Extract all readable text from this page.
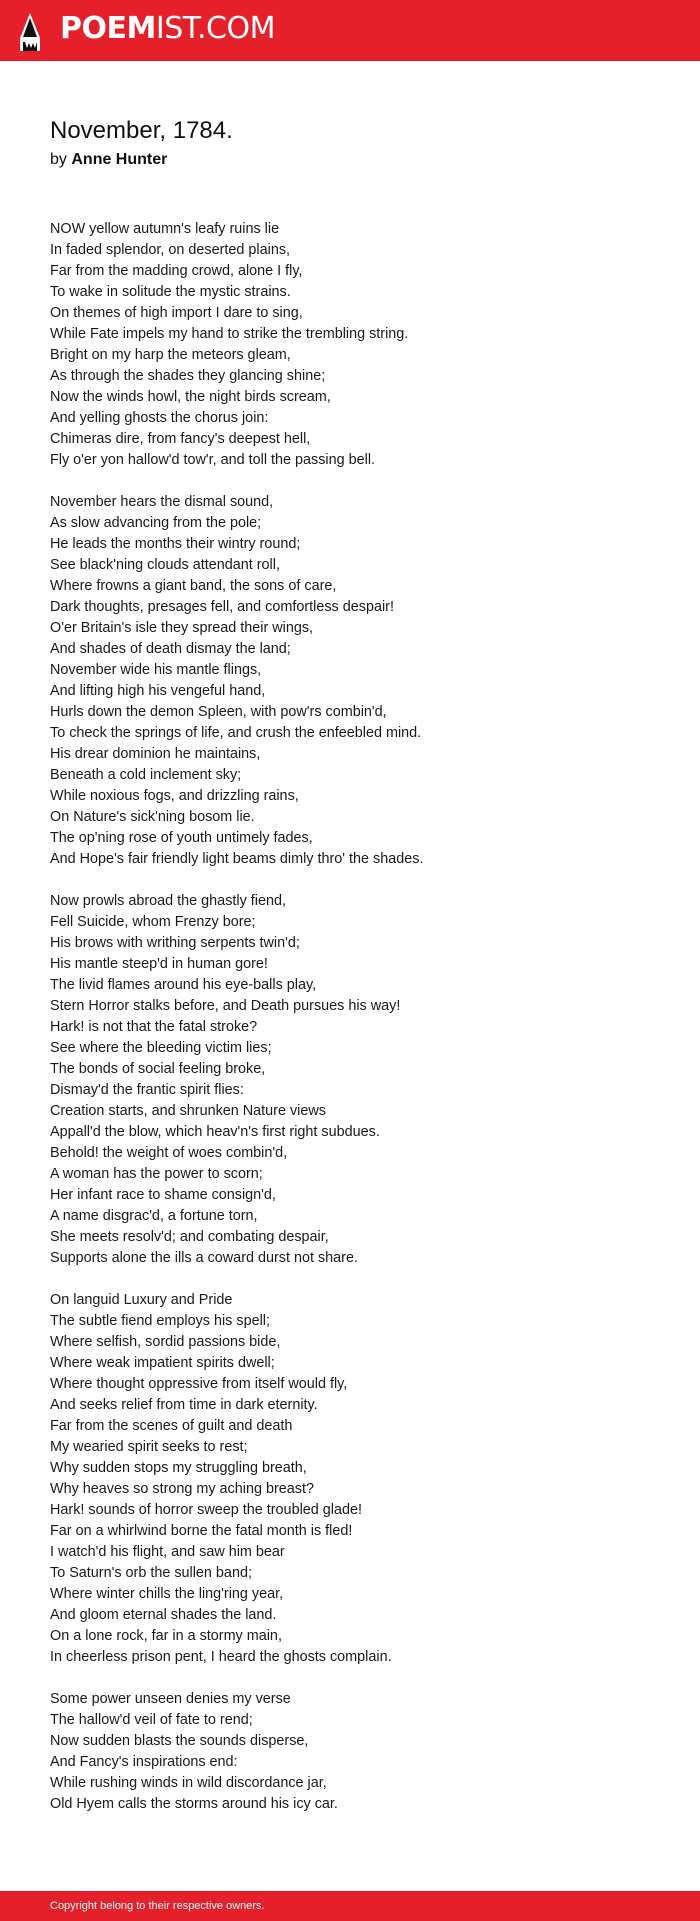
POEMIST.COM
November, 1784.
by Anne Hunter
NOW yellow autumn's leafy ruins lie
In faded splendor, on deserted plains,
Far from the madding crowd, alone I fly,
To wake in solitude the mystic strains.
On themes of high import I dare to sing,
While Fate impels my hand to strike the trembling string.
Bright on my harp the meteors gleam,
As through the shades they glancing shine;
Now the winds howl, the night birds scream,
And yelling ghosts the chorus join:
Chimeras dire, from fancy's deepest hell,
Fly o'er yon hallow'd tow'r, and toll the passing bell.
November hears the dismal sound,
As slow advancing from the pole;
He leads the months their wintry round;
See black'ning clouds attendant roll,
Where frowns a giant band, the sons of care,
Dark thoughts, presages fell, and comfortless despair!
O'er Britain's isle they spread their wings,
And shades of death dismay the land;
November wide his mantle flings,
And lifting high his vengeful hand,
Hurls down the demon Spleen, with pow'rs combin'd,
To check the springs of life, and crush the enfeebled mind.
His drear dominion he maintains,
Beneath a cold inclement sky;
While noxious fogs, and drizzling rains,
On Nature's sick'ning bosom lie.
The op'ning rose of youth untimely fades,
And Hope's fair friendly light beams dimly thro' the shades.
Now prowls abroad the ghastly fiend,
Fell Suicide, whom Frenzy bore;
His brows with writhing serpents twin'd;
His mantle steep'd in human gore!
The livid flames around his eye-balls play,
Stern Horror stalks before, and Death pursues his way!
Hark! is not that the fatal stroke?
See where the bleeding victim lies;
The bonds of social feeling broke,
Dismay'd the frantic spirit flies:
Creation starts, and shrunken Nature views
Appall'd the blow, which heav'n's first right subdues.
Behold! the weight of woes combin'd,
A woman has the power to scorn;
Her infant race to shame consign'd,
A name disgrac'd, a fortune torn,
She meets resolv'd; and combating despair,
Supports alone the ills a coward durst not share.
On languid Luxury and Pride
The subtle fiend employs his spell;
Where selfish, sordid passions bide,
Where weak impatient spirits dwell;
Where thought oppressive from itself would fly,
And seeks relief from time in dark eternity.
Far from the scenes of guilt and death
My wearied spirit seeks to rest;
Why sudden stops my struggling breath,
Why heaves so strong my aching breast?
Hark! sounds of horror sweep the troubled glade!
Far on a whirlwind borne the fatal month is fled!
I watch'd his flight, and saw him bear
To Saturn's orb the sullen band;
Where winter chills the ling'ring year,
And gloom eternal shades the land.
On a lone rock, far in a stormy main,
In cheerless prison pent, I heard the ghosts complain.
Some power unseen denies my verse
The hallow'd veil of fate to rend;
Now sudden blasts the sounds disperse,
And Fancy's inspirations end:
While rushing winds in wild discordance jar,
Old Hyem calls the storms around his icy car.
Copyright belong to their respective owners.
